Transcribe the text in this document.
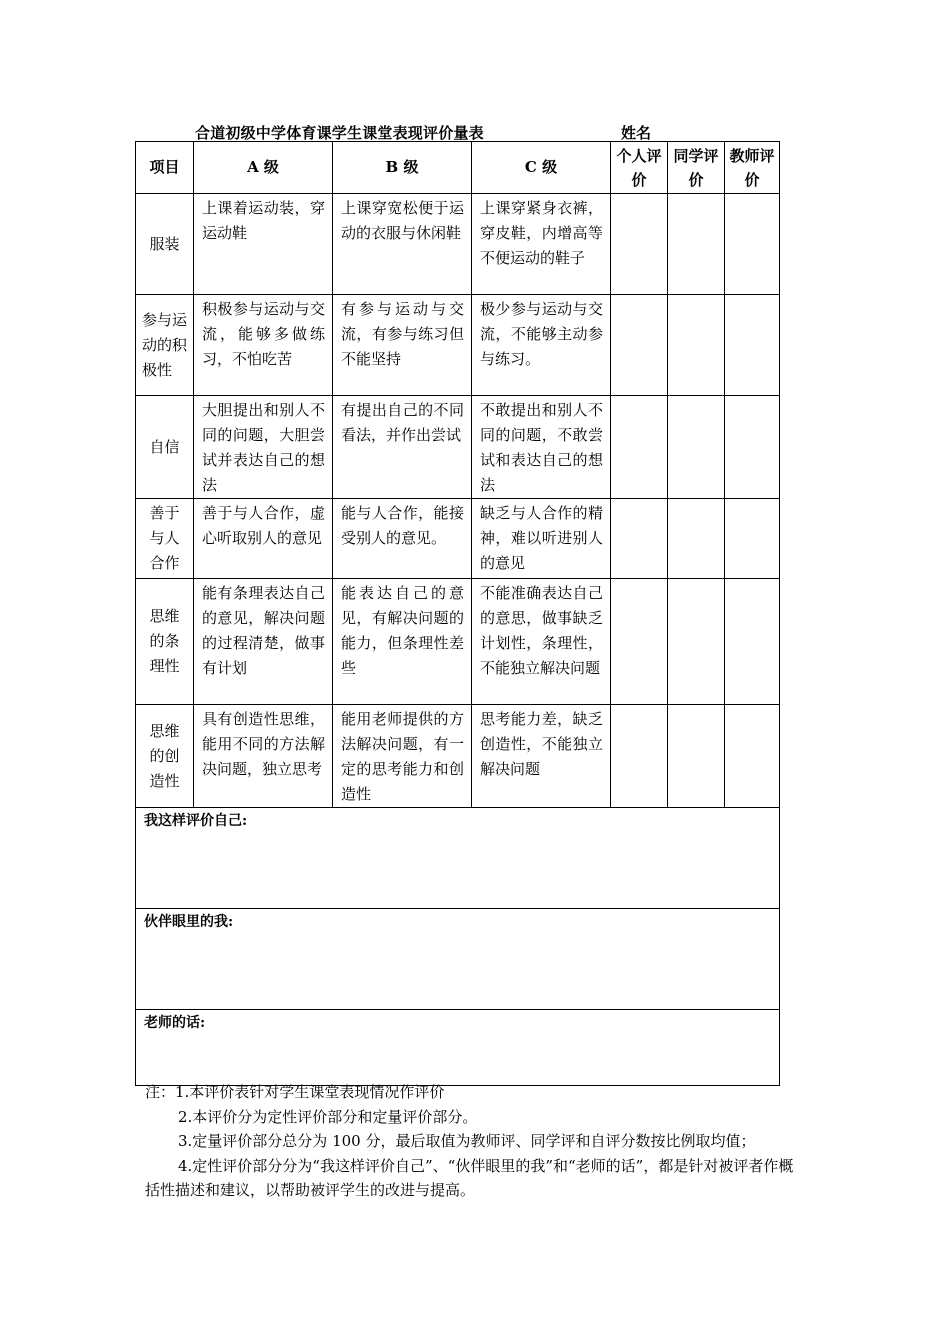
合道初级中学体育课学生课堂表现评价量表	姓名
项目	A 级	B 级	C 级	个人评价	同学评价	教师评价
服装	上课着运动装，穿运动鞋	上课穿宽松便于运动的衣服与休闲鞋	上课穿紧身衣裤，穿皮鞋，内增高等不便运动的鞋子			
参与运动的积极性	积极参与运动与交流，能够多做练习，不怕吃苦	有参与运动与交流，有参与练习但不能坚持	极少参与运动与交流，不能够主动参与练习。			
自信	大胆提出和别人不同的问题，大胆尝试并表达自己的想法	有提出自己的不同看法，并作出尝试	不敢提出和别人不同的问题，不敢尝试和表达自己的想法			
善于与人合作	善于与人合作，虚心听取别人的意见	能与人合作，能接受别人的意见。	缺乏与人合作的精神，难以听进别人的意见			
思维的条理性	能有条理表达自己的意见，解决问题的过程清楚，做事有计划	能表达自己的意见，有解决问题的能力，但条理性差些	不能准确表达自己的意思，做事缺乏计划性，条理性，不能独立解决问题			
思维的创造性	具有创造性思维，能用不同的方法解决问题，独立思考	能用老师提供的方法解决问题，有一定的思考能力和创造性	思考能力差，缺乏创造性，不能独立解决问题			
我这样评价自己:						
伙伴眼里的我:						
老师的话:						

注：1.本评价表针对学生课堂表现情况作评价

2.本评价分为定性评价部分和定量评价部分。

3.定量评价部分总分为 100 分，最后取值为教师评、同学评和自评分数按比例取均值；

4.定性评价部分分为“我这样评价自己”、“伙伴眼里的我”和“老师的话”，都是针对被评者作概括性描述和建议，以帮助被评学生的改进与提高。
